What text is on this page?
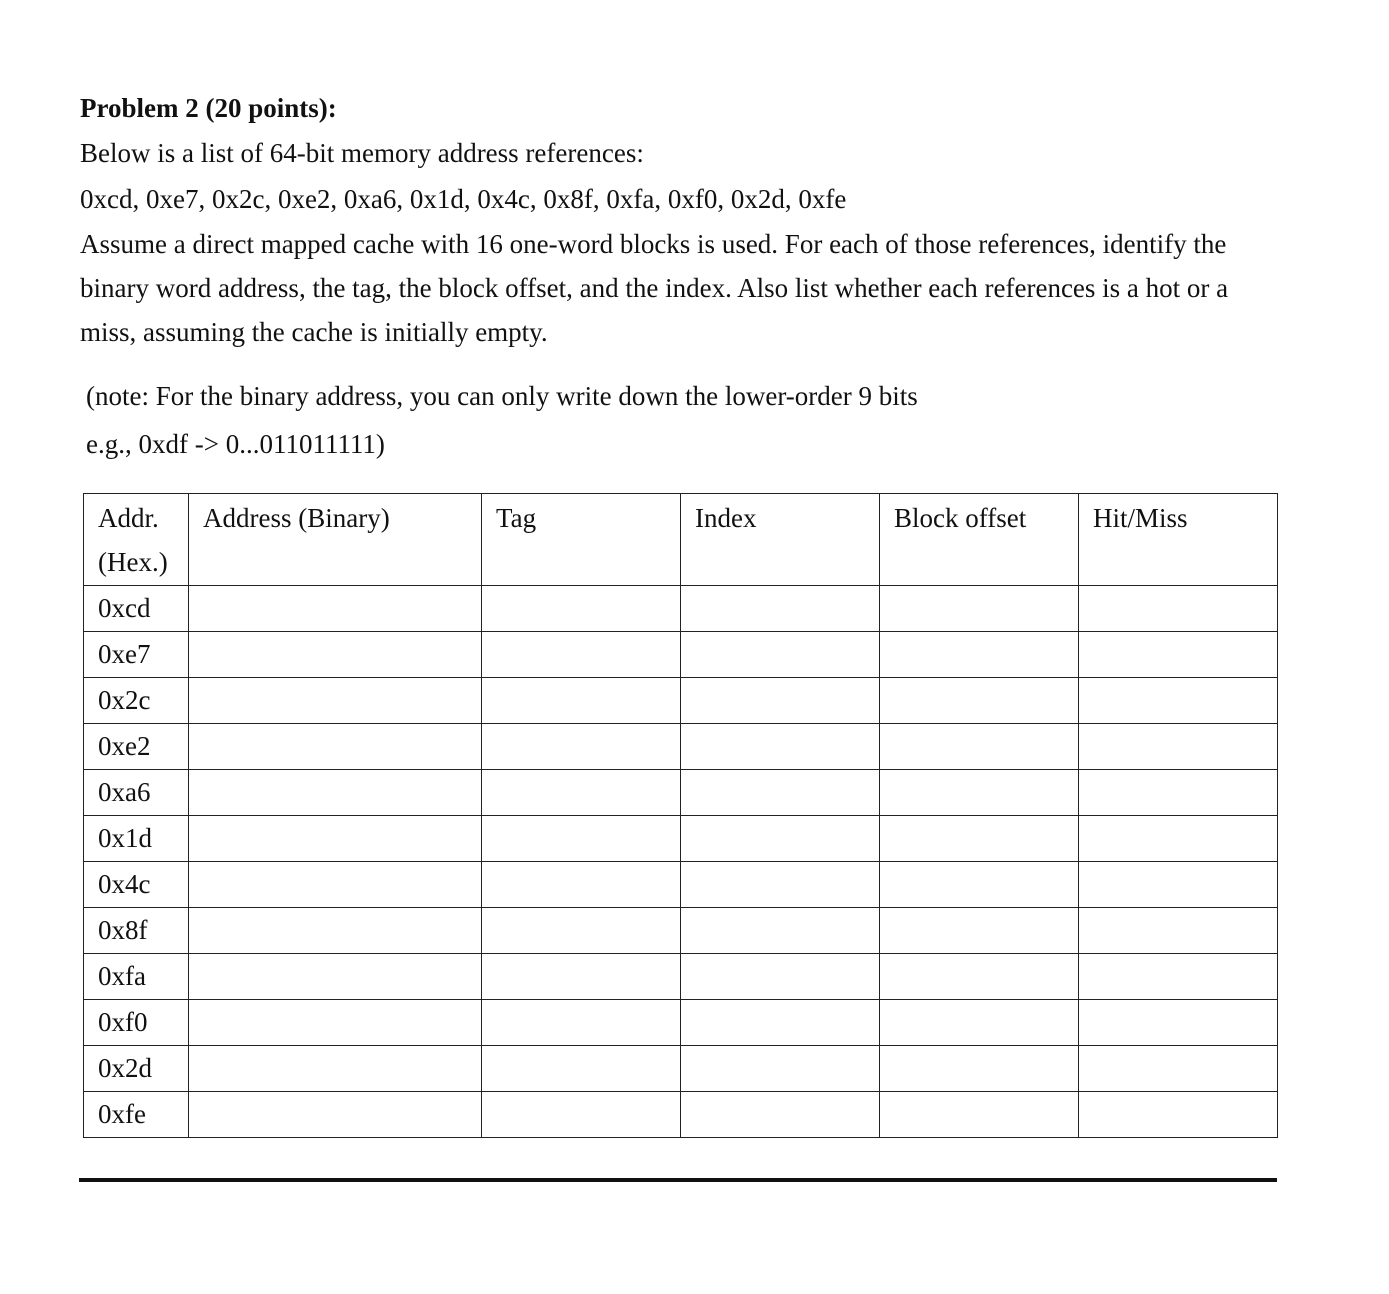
Problem 2 (20 points):

Below is a list of 64-bit memory address references:

0xcd, 0xe7, 0x2c, 0xe2, 0xa6, 0x1d, 0x4c, 0x8f, 0xfa, 0xf0, 0x2d, 0xfe

Assume a direct mapped cache with 16 one-word blocks is used. For each of those references, identify the binary word address, the tag, the block offset, and the index. Also list whether each references is a hot or a miss, assuming the cache is initially empty.

(note: For the binary address, you can only write down the lower-order 9 bits

e.g., 0xdf -> 0...011011111)

Addr.
(Hex.)	Address (Binary)	Tag	Index	Block offset	Hit/Miss
0xcd					
0xe7					
0x2c					
0xe2					
0xa6					
0x1d					
0x4c					
0x8f					
0xfa					
0xf0					
0x2d					
0xfe					
